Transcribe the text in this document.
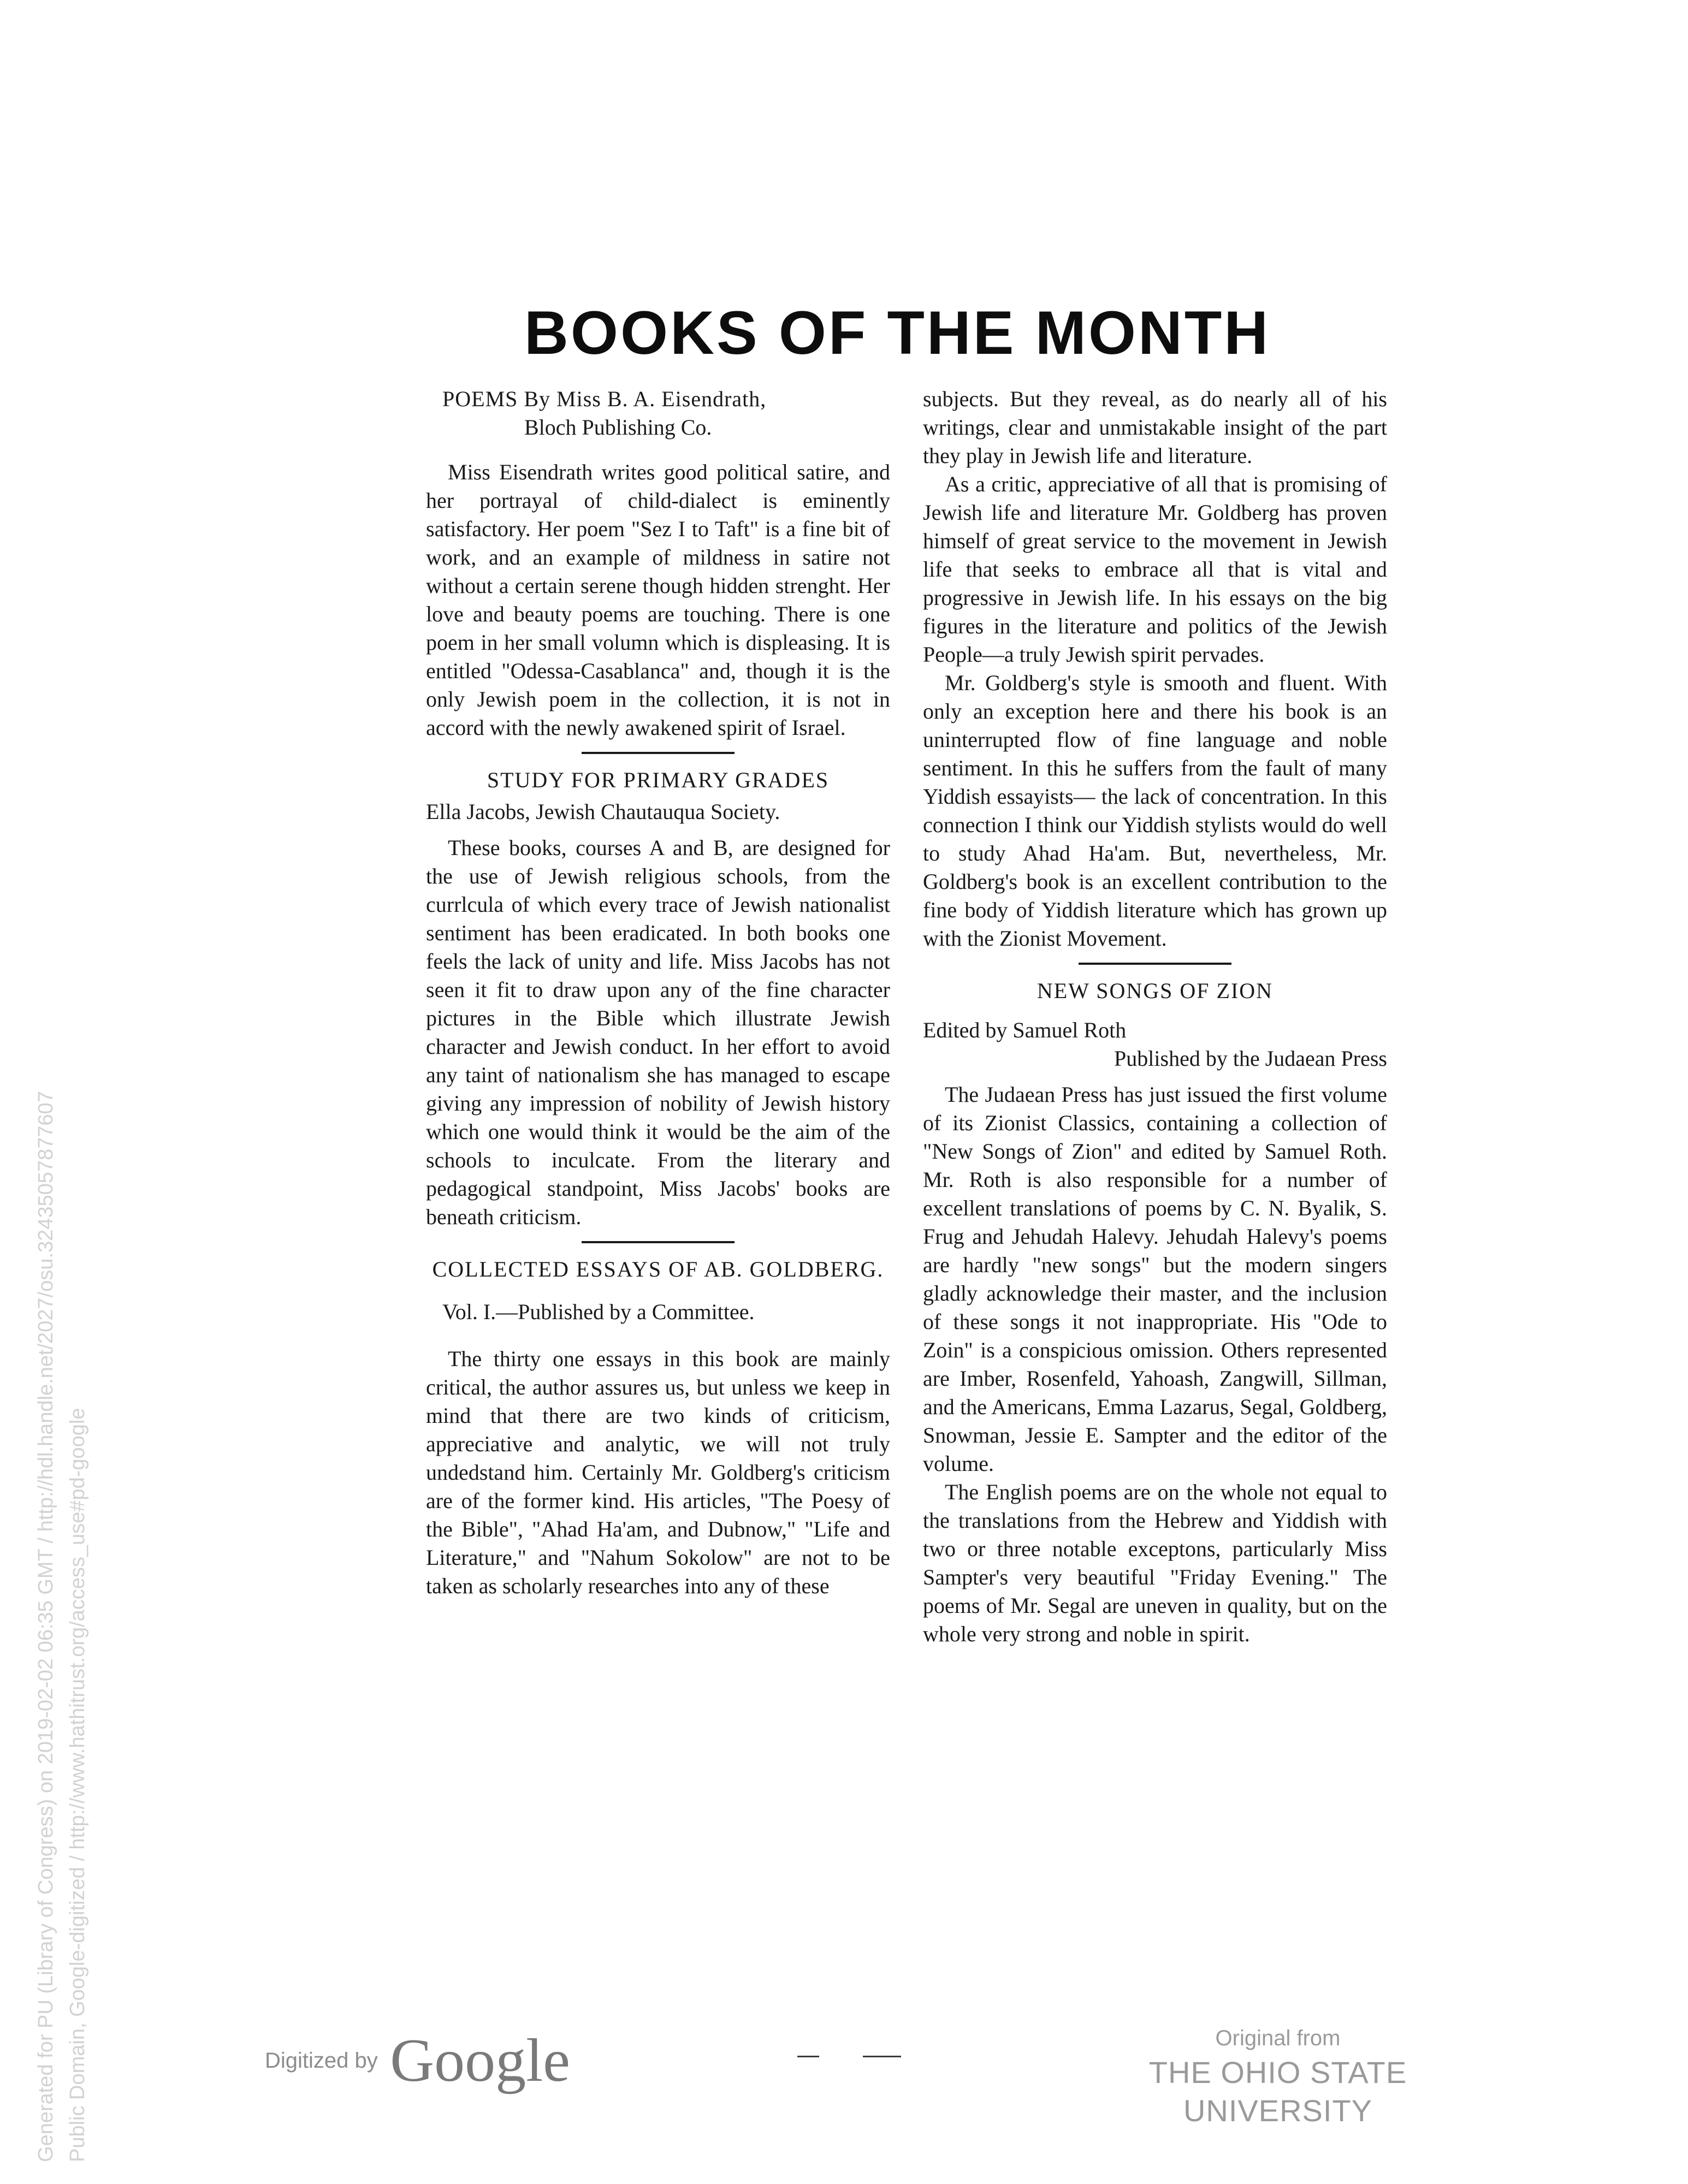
Generated for PU (Library of Congress) on 2019-02-02 06:35 GMT / http://hdl.handle.net/2027/osu.32435057877607 Public Domain, Google-digitized / http://www.hathitrust.org/access_use#pd-google
BOOKS OF THE MONTH
POEMS By Miss B. A. Eisendrath,
Bloch Publishing Co.

Miss Eisendrath writes good political satire, and her portrayal of child-dialect is eminently satisfactory. Her poem "Sez I to Taft" is a fine bit of work, and an example of mildness in satire not without a certain serene though hidden strenght. Her love and beauty poems are touching. There is one poem in her small volumn which is displeasing. It is entitled "Odessa-Casablanca" and, though it is the only Jewish poem in the collection, it is not in accord with the newly awakened spirit of Israel.

STUDY FOR PRIMARY GRADES
Ella Jacobs, Jewish Chautauqua Society.

These books, courses A and B, are designed for the use of Jewish religious schools, from the currlcula of which every trace of Jewish nationalist sentiment has been eradicated. In both books one feels the lack of unity and life. Miss Jacobs has not seen it fit to draw upon any of the fine character pictures in the Bible which illustrate Jewish character and Jewish conduct. In her effort to avoid any taint of nationalism she has managed to escape giving any impression of nobility of Jewish history which one would think it would be the aim of the schools to inculcate. From the literary and pedagogical standpoint, Miss Jacobs' books are beneath criticism.

COLLECTED ESSAYS OF AB. GOLDBERG.
Vol. I.—Published by a Committee.

The thirty one essays in this book are mainly critical, the author assures us, but unless we keep in mind that there are two kinds of criticism, appreciative and analytic, we will not truly undedstand him. Certainly Mr. Goldberg's criticism are of the former kind. His articles, "The Poesy of the Bible", "Ahad Ha'am, and Dubnow," "Life and Literature," and "Nahum Sokolow" are not to be taken as scholarly researches into any of these

subjects. But they reveal, as do nearly all of his writings, clear and unmistakable insight of the part they play in Jewish life and literature.

As a critic, appreciative of all that is promising of Jewish life and literature Mr. Goldberg has proven himself of great service to the movement in Jewish life that seeks to embrace all that is vital and progressive in Jewish life. In his essays on the big figures in the literature and politics of the Jewish People—a truly Jewish spirit pervades.

Mr. Goldberg's style is smooth and fluent. With only an exception here and there his book is an uninterrupted flow of fine language and noble sentiment. In this he suffers from the fault of many Yiddish essayists— the lack of concentration. In this connection I think our Yiddish stylists would do well to study Ahad Ha'am. But, nevertheless, Mr. Goldberg's book is an excellent contribution to the fine body of Yiddish literature which has grown up with the Zionist Movement.

NEW SONGS OF ZION
Edited by Samuel Roth
Published by the Judaean Press

The Judaean Press has just issued the first volume of its Zionist Classics, containing a collection of "New Songs of Zion" and edited by Samuel Roth. Mr. Roth is also responsible for a number of excellent translations of poems by C. N. Byalik, S. Frug and Jehudah Halevy. Jehudah Halevy's poems are hardly "new songs" but the modern singers gladly acknowledge their master, and the inclusion of these songs it not inappropriate. His "Ode to Zoin" is a conspicious omission. Others represented are Imber, Rosenfeld, Yahoash, Zangwill, Sillman, and the Americans, Emma Lazarus, Segal, Goldberg, Snowman, Jessie E. Sampter and the editor of the volume.

The English poems are on the whole not equal to the translations from the Hebrew and Yiddish with two or three notable exceptons, particularly Miss Sampter's very beautiful "Friday Evening." The poems of Mr. Segal are uneven in quality, but on the whole very strong and noble in spirit.

Digitized by Google	Original from
THE OHIO STATE UNIVERSITY
